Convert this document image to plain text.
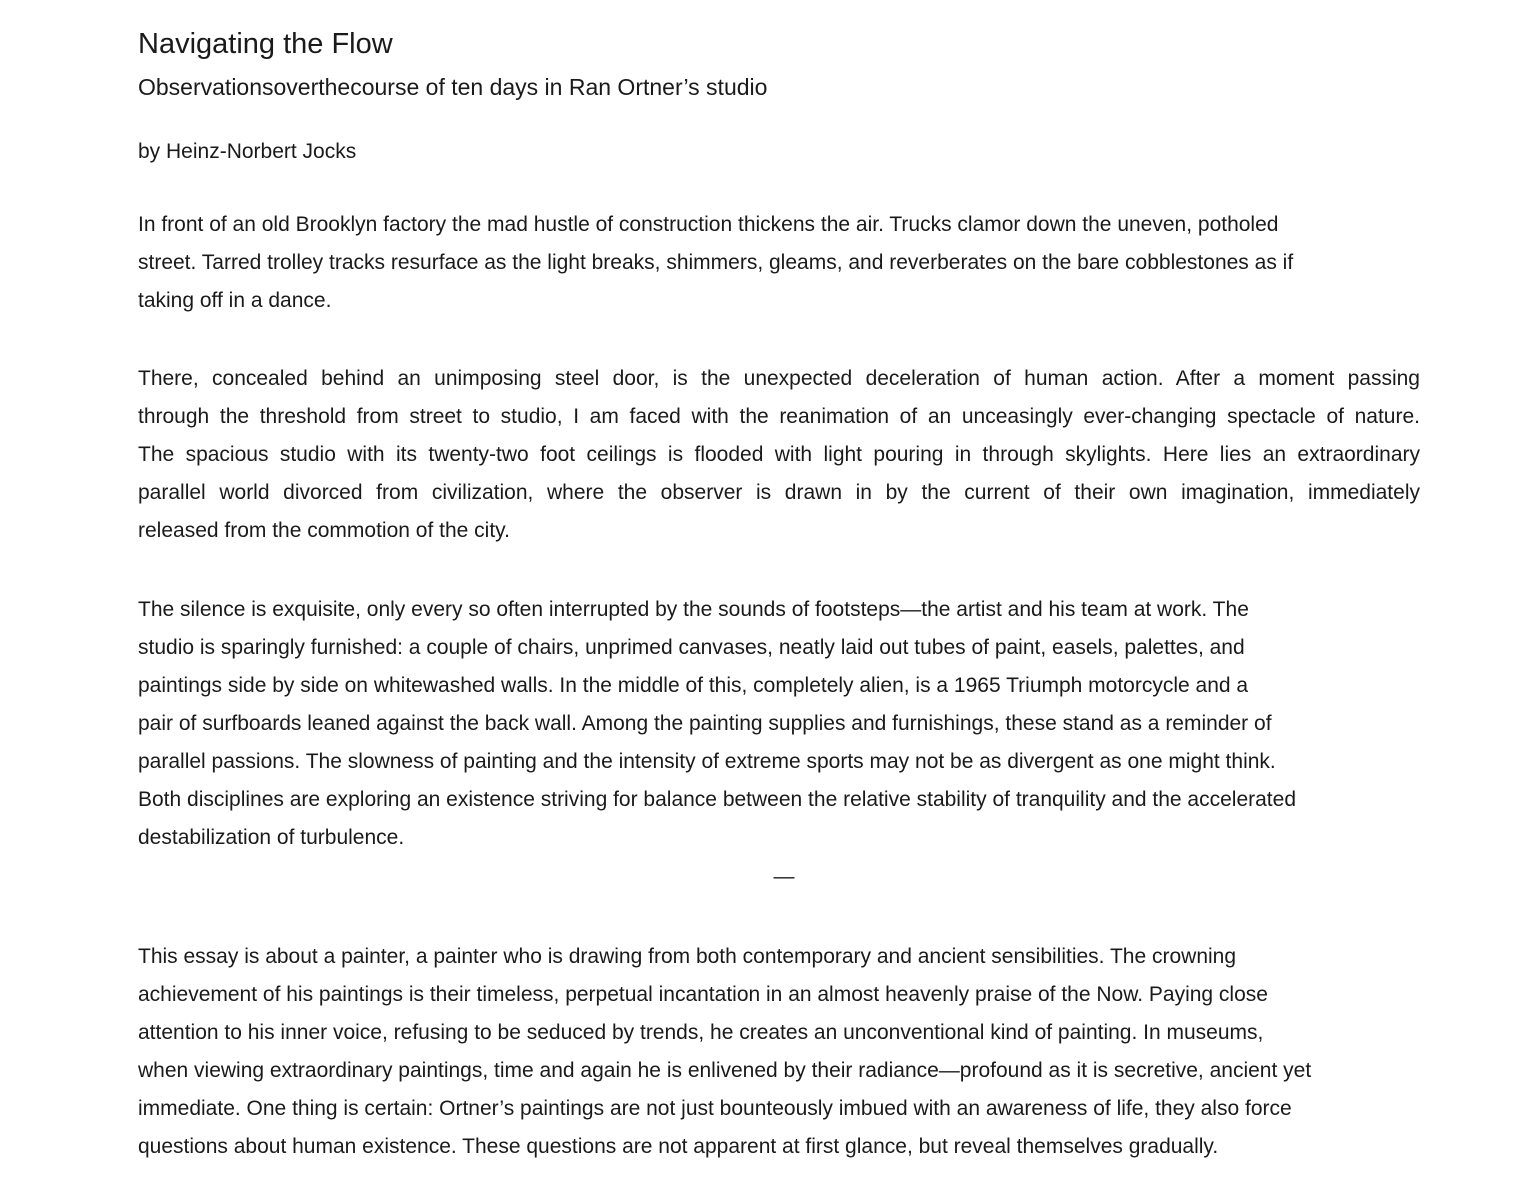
Navigating the Flow
Observationsoverthecourse of ten days in Ran Ortner’s studio

by Heinz-Norbert Jocks

In front of an old Brooklyn factory the mad hustle of construction thickens the air. Trucks clamor down the uneven, potholed
street. Tarred trolley tracks resurface as the light breaks, shimmers, gleams, and reverberates on the bare cobblestones as if
taking off in a dance.

There, concealed behind an unimposing steel door, is the unexpected deceleration of human action. After a moment passing
through the threshold from street to studio, I am faced with the reanimation of an unceasingly ever-changing spectacle of nature.
The spacious studio with its twenty-two foot ceilings is flooded with light pouring in through skylights. Here lies an extraordinary
parallel world divorced from civilization, where the observer is drawn in by the current of their own imagination, immediately
released from the commotion of the city.

The silence is exquisite, only every so often interrupted by the sounds of footsteps—the artist and his team at work. The
studio is sparingly furnished: a couple of chairs, unprimed canvases, neatly laid out tubes of paint, easels, palettes, and
paintings side by side on whitewashed walls. In the middle of this, completely alien, is a 1965 Triumph motorcycle and a
pair of surfboards leaned against the back wall. Among the painting supplies and furnishings, these stand as a reminder of
parallel passions. The slowness of painting and the intensity of extreme sports may not be as divergent as one might think.
Both disciplines are exploring an existence striving for balance between the relative stability of tranquility and the accelerated
destabilization of turbulence.

—

This essay is about a painter, a painter who is drawing from both contemporary and ancient sensibilities. The crowning
achievement of his paintings is their timeless, perpetual incantation in an almost heavenly praise of the Now. Paying close
attention to his inner voice, refusing to be seduced by trends, he creates an unconventional kind of painting. In museums,
when viewing extraordinary paintings, time and again he is enlivened by their radiance—profound as it is secretive, ancient yet
immediate. One thing is certain: Ortner’s paintings are not just bounteously imbued with an awareness of life, they also force
questions about human existence. These questions are not apparent at first glance, but reveal themselves gradually.
